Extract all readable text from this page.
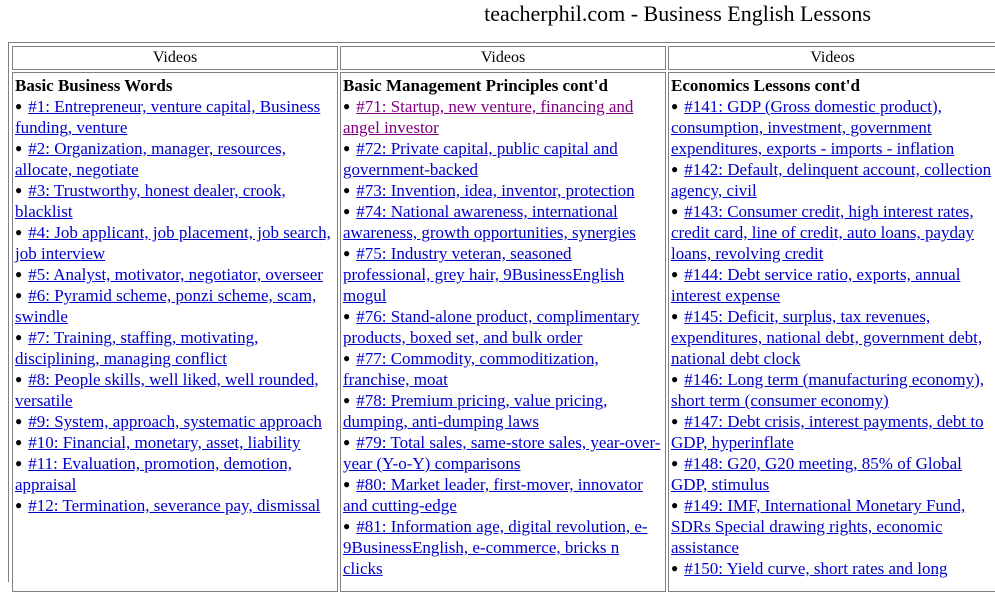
teacherphil.com - Business English Lessons
Videos	Videos	Videos
Basic Business Words
● #1: Entrepreneur, venture capital, Business funding, venture
● #2: Organization, manager, resources, allocate, negotiate
● #3: Trustworthy, honest dealer, crook, blacklist
● #4: Job applicant, job placement, job search, job interview
● #5: Analyst, motivator, negotiator, overseer
● #6: Pyramid scheme, ponzi scheme, scam, swindle
● #7: Training, staffing, motivating, disciplining, managing conflict
● #8: People skills, well liked, well rounded, versatile
● #9: System, approach, systematic approach
● #10: Financial, monetary, asset, liability
● #11: Evaluation, promotion, demotion, appraisal
● #12: Termination, severance pay, dismissal
Basic Management Principles cont'd
● #71: Startup, new venture, financing and angel investor
● #72: Private capital, public capital and government-backed
● #73: Invention, idea, inventor, protection
● #74: National awareness, international awareness, growth opportunities, synergies
● #75: Industry veteran, seasoned professional, grey hair, 9BusinessEnglish mogul
● #76: Stand-alone product, complimentary products, boxed set, and bulk order
● #77: Commodity, commoditization, franchise, moat
● #78: Premium pricing, value pricing, dumping, anti-dumping laws
● #79: Total sales, same-store sales, year-over-year (Y-o-Y) comparisons
● #80: Market leader, first-mover, innovator and cutting-edge
● #81: Information age, digital revolution, e-9BusinessEnglish, e-commerce, bricks n clicks
Economics Lessons cont'd
● #141: GDP (Gross domestic product), consumption, investment, government expenditures, exports - imports - inflation
● #142: Default, delinquent account, collection agency, civil
● #143: Consumer credit, high interest rates, credit card, line of credit, auto loans, payday loans, revolving credit
● #144: Debt service ratio, exports, annual interest expense
● #145: Deficit, surplus, tax revenues, expenditures, national debt, government debt, national debt clock
● #146: Long term (manufacturing economy), short term (consumer economy)
● #147: Debt crisis, interest payments, debt to GDP, hyperinflate
● #148: G20, G20 meeting, 85% of Global GDP, stimulus
● #149: IMF, International Monetary Fund, SDRs Special drawing rights, economic assistance
● #150: Yield curve, short rates and long
